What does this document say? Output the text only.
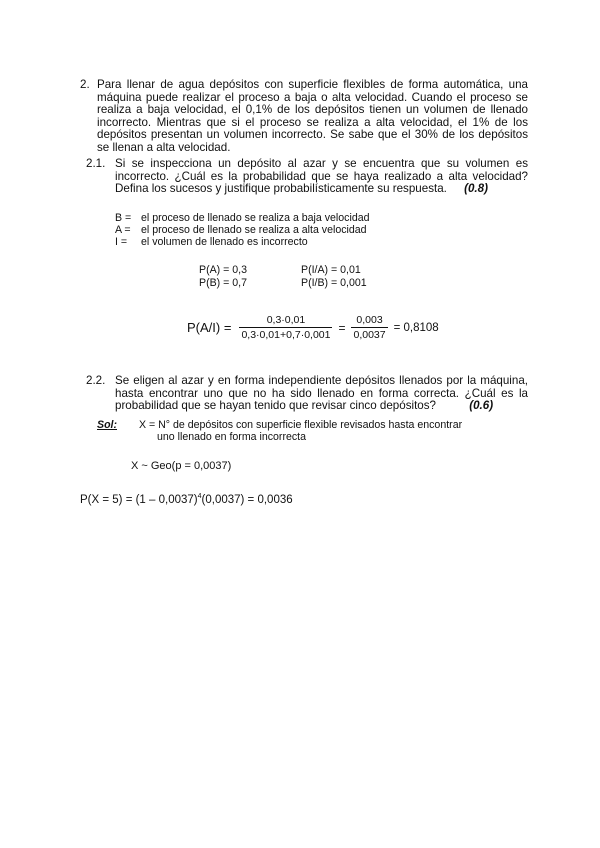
2. Para llenar de agua depósitos con superficie flexibles de forma automática, una
máquina puede realizar el proceso a baja o alta velocidad. Cuando el proceso se
realiza a baja velocidad, el 0,1% de los depósitos tienen un volumen de llenado
incorrecto. Mientras que si el proceso se realiza a alta velocidad, el 1% de los
depósitos presentan un volumen incorrecto. Se sabe que el 30% de los depósitos
se llenan a alta velocidad.
2.1. Si se inspecciona un depósito al azar y se encuentra que su volumen es
incorrecto. ¿Cuál es la probabilidad que se haya realizado a alta velocidad?
Defina los sucesos y justifique probabilísticamente su respuesta. (0.8)
B = el proceso de llenado se realiza a baja velocidad
A = el proceso de llenado se realiza a alta velocidad
I = el volumen de llenado es incorrecto
P(A) = 0,3
P(B) = 0,7
P(I/A) = 0,01
P(I/B) = 0,001
$P(A/I) = \frac{0,3\cdot 0,01}{0,3\cdot 0,01+0,7\cdot 0,001} = \frac{0,003}{0,0037} = 0,8108$
2.2. Se eligen al azar y en forma independiente depósitos llenados por la máquina,
hasta encontrar uno que no ha sido llenado en forma correcta. ¿Cuál es la
probabilidad que se hayan tenido que revisar cinco depósitos?	(0.6)
Sol: X = N° de depósitos con superficie flexible revisados hasta encontrar
uno llenado en forma incorrecta
X ~ Geo(p = 0,0037)
P(X = 5) = (1 – 0,0037)$^4$(0,0037) = 0,0036
